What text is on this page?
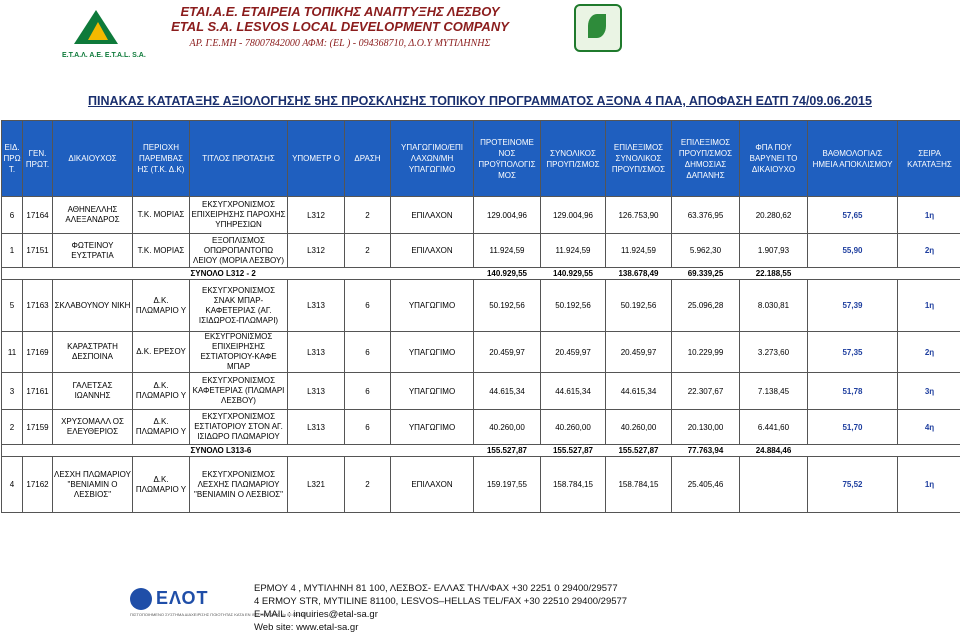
Ε.Τ.Α.Λ. Α.Ε. E.T.A.L. S.A.
ΕΤΑΙ.Α.Ε. ΕΤΑΙΡΕΙΑ ΤΟΠΙΚΗΣ ΑΝΑΠΤΥΞΗΣ ΛΕΣΒΟΥ
ETAL S.A. LESVOS LOCAL DEVELOPMENT COMPANY
ΑΡ. Γ.Ε.ΜΗ - 78007842000 ΑΦΜ: (EL ) - 094368710, Δ.Ο.Υ ΜΥΤΙΛΗΝΗΣ
ΠΙΝΑΚΑΣ ΚΑΤΑΤΑΞΗΣ ΑΞΙΟΛΟΓΗΣΗΣ 5ΗΣ ΠΡΟΣΚΛΗΣΗΣ ΤΟΠΙΚΟΥ ΠΡΟΓΡΑΜΜΑΤΟΣ ΑΞΟΝΑ 4 ΠΑΑ, ΑΠΟΦΑΣΗ ΕΔΤΠ 74/09.06.2015
ΕΙΔ. ΠΡΩ Τ.	ΓΕΝ. ΠΡΩΤ.	ΔΙΚΑΙΟΥΧΟΣ	ΠΕΡΙΟΧΗ ΠΑΡΕΜΒΑΣ ΗΣ (Τ.Κ. Δ.Κ)	ΤΙΤΛΟΣ ΠΡΟΤΑΣΗΣ	ΥΠΟΜΕΤΡ Ο	ΔΡΑΣΗ	ΥΠΑΓΩΓΙΜΟ/ΕΠΙ ΛΑΧΩΝ/ΜΗ ΥΠΑΓΩΓΙΜΟ	ΠΡΟΤΕΙΝΟΜΕ ΝΟΣ ΠΡΟΫΠΟΛΟΓΙΣ ΜΟΣ	ΣΥΝΟΛΙΚΟΣ ΠΡΟΥΠ/ΣΜΟΣ	ΕΠΙΛΕΞΙΜΟΣ ΣΥΝΟΛΙΚΟΣ ΠΡΟΥΠ/ΣΜΟΣ	ΕΠΙΛΕΞΙΜΟΣ ΠΡΟΥΠ/ΣΜΟΣ ΔΗΜΟΣΙΑΣ ΔΑΠΑΝΗΣ	ΦΠΑ ΠΟΥ ΒΑΡΥΝΕΙ ΤΟ ΔΙΚΑΙΟΥΧΟ	ΒΑΘΜΟΛΟΓΙΑ/Σ ΗΜΕΙΑ ΑΠΟΚΛΙΣΜΟΥ	ΣΕΙΡΑ ΚΑΤΑΤΑΞΗΣ
6	17164	ΑΘΗΝΕΛΛΗΣ ΑΛΕΞΑΝΔΡΟΣ	Τ.Κ. ΜΟΡΙΑΣ	ΕΚΣΥΓΧΡΟΝΙΣΜΟΣ ΕΠΙΧΕΙΡΗΣΗΣ ΠΑΡΟΧΗΣ ΥΠΗΡΕΣΙΩΝ	L312	2	ΕΠΙΛΑΧΟΝ	129.004,96	129.004,96	126.753,90	63.376,95	20.280,62	57,65	1η
1	17151	ΦΩΤΕΙΝΟΥ ΕΥΣΤΡΑΤΙΑ	Τ.Κ. ΜΟΡΙΑΣ	ΕΞΟΠΛΙΣΜΟΣ ΟΠΩΡΟΠΑΝΤΟΠΩ ΛΕΙΟΥ (ΜΟΡΙΑ ΛΕΣΒΟΥ)	L312	2	ΕΠΙΛΑΧΟΝ	11.924,59	11.924,59	11.924,59	5.962,30	1.907,93	55,90	2η
				ΣΥΝΟΛΟ L312 - 2				140.929,55	140.929,55	138.678,49	69.339,25	22.188,55		
5	17163	ΣΚΛΑΒΟΥΝΟΥ ΝΙΚΗ	Δ.Κ. ΠΛΩΜΑΡΙΟ Υ	ΕΚΣΥΓΧΡΟΝΙΣΜΟΣ ΣΝΑΚ ΜΠΑΡ-ΚΑΦΕΤΕΡΙΑΣ (ΑΓ. ΙΣΙΔΩΡΟΣ-ΠΛΩΜΑΡΙ)	L313	6	ΥΠΑΓΩΓΙΜΟ	50.192,56	50.192,56	50.192,56	25.096,28	8.030,81	57,39	1η
11	17169	ΚΑΡΑΣΤΡΑΤΗ ΔΕΣΠΟΙΝΑ	Δ.Κ. ΕΡΕΣΟΥ	ΕΚΣΥΓΡΟΝΙΣΜΟΣ ΕΠΙΧΕΙΡΗΣΗΣ ΕΣΤΙΑΤΟΡΙΟΥ-ΚΑΦΕ ΜΠΑΡ	L313	6	ΥΠΑΓΩΓΙΜΟ	20.459,97	20.459,97	20.459,97	10.229,99	3.273,60	57,35	2η
3	17161	ΓΑΛΕΤΣΑΣ ΙΩΑΝΝΗΣ	Δ.Κ. ΠΛΩΜΑΡΙΟ Υ	ΕΚΣΥΓΧΡΟΝΙΣΜΟΣ ΚΑΦΕΤΕΡΙΑΣ (ΠΛΩΜΑΡΙ ΛΕΣΒΟΥ)	L313	6	ΥΠΑΓΩΓΙΜΟ	44.615,34	44.615,34	44.615,34	22.307,67	7.138,45	51,78	3η
2	17159	ΧΡΥΣΟΜΑΛΛ ΟΣ ΕΛΕΥΘΕΡΙΟΣ	Δ.Κ. ΠΛΩΜΑΡΙΟ Υ	ΕΚΣΥΓΧΡΟΝΙΣΜΟΣ ΕΣΤΙΑΤΟΡΙΟΥ ΣΤΟΝ ΑΓ. ΙΣΙΔΩΡΟ ΠΛΩΜΑΡΙΟΥ	L313	6	ΥΠΑΓΩΓΙΜΟ	40.260,00	40.260,00	40.260,00	20.130,00	6.441,60	51,70	4η
				ΣΥΝΟΛΟ L313-6				155.527,87	155.527,87	155.527,87	77.763,94	24.884,46		
4	17162	ΛΕΣΧΗ ΠΛΩΜΑΡΙΟΥ "ΒΕΝΙΑΜΙΝ Ο ΛΕΣΒΙΟΣ"	Δ.Κ. ΠΛΩΜΑΡΙΟ Υ	ΕΚΣΥΓΧΡΟΝΙΣΜΟΣ ΛΕΣΧΗΣ ΠΛΩΜΑΡΙΟΥ "ΒΕΝΙΑΜΙΝ Ο ΛΕΣΒΙΟΣ"	L321	2	ΕΠΙΛΑΧΟΝ	159.197,55	158.784,15	158.784,15	25.405,46		75,52	1η
ΕΛΟΤ
ΠΙΣΤΟΠΟΙΗΜΕΝΟ ΣΥΣΤΗΜΑ ΔΙΑΧΕΙΡΙΣΗΣ ΠΟΙΟΤΗΤΑΣ ΚΑΤΑ ΕΝ ISO 9001: 2000 No 02.03/1147
ΕΡΜΟΥ 4 , ΜΥΤΙΛΗΝΗ 81 100, ΛΕΣΒΟΣ- ΕΛΛΑΣ ΤΗΛ/ΦΑΧ +30 2251 0 29400/29577
4 ERMOY STR, MYTILINE 81100, LESVOS–HELLAS TEL/FAX +30 22510 29400/29577
E-MAIL : inquiries@etal-sa.gr
Web site: www.etal-sa.gr
